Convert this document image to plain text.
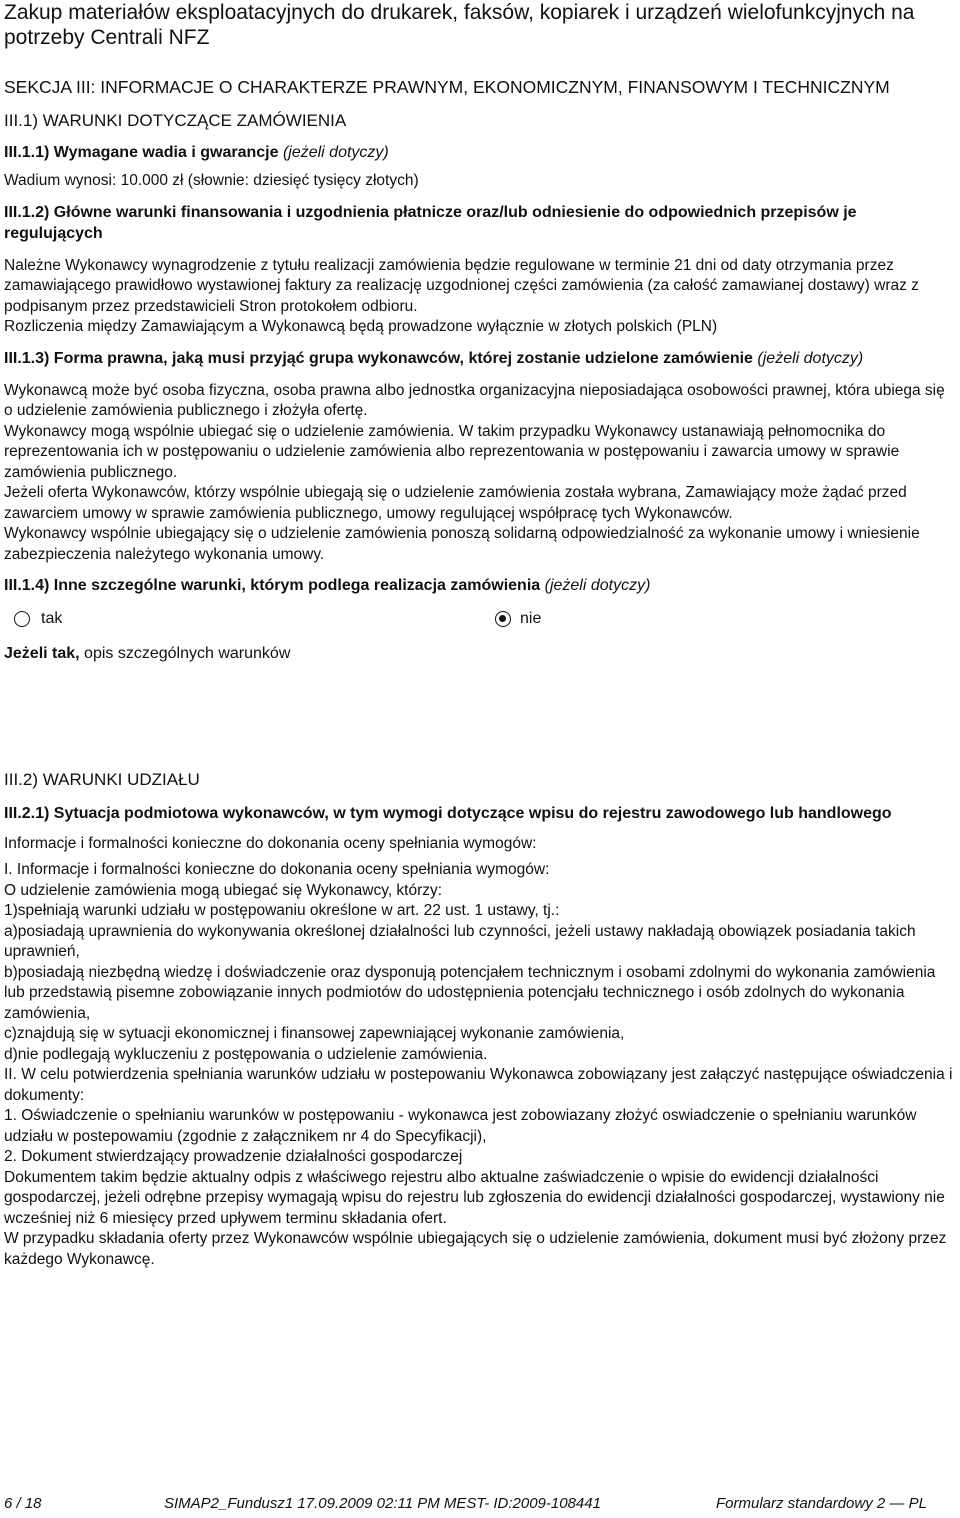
Zakup materiałów eksploatacyjnych do drukarek, faksów, kopiarek i urządzeń wielofunkcyjnych na potrzeby Centrali NFZ
SEKCJA III: INFORMACJE O CHARAKTERZE PRAWNYM, EKONOMICZNYM, FINANSOWYM I TECHNICZNYM
III.1) WARUNKI DOTYCZĄCE ZAMÓWIENIA
III.1.1) Wymagane wadia i gwarancje (jeżeli dotyczy)
Wadium wynosi: 10.000 zł (słownie: dziesięć tysięcy złotych)
III.1.2) Główne warunki finansowania i uzgodnienia płatnicze oraz/lub odniesienie do odpowiednich przepisów je regulujących
Należne Wykonawcy wynagrodzenie z tytułu realizacji zamówienia będzie regulowane w terminie 21 dni od daty otrzymania przez zamawiającego prawidłowo wystawionej faktury za realizację uzgodnionej części zamówienia (za całość zamawianej dostawy) wraz z podpisanym przez przedstawicieli Stron protokołem odbioru.
Rozliczenia między Zamawiającym a Wykonawcą będą prowadzone wyłącznie w złotych polskich (PLN)
III.1.3) Forma prawna, jaką musi przyjąć grupa wykonawców, której zostanie udzielone zamówienie (jeżeli dotyczy)
Wykonawcą może być osoba fizyczna, osoba prawna albo jednostka organizacyjna nieposiadająca osobowości prawnej, która ubiega się o udzielenie zamówienia publicznego i złożyła ofertę.
Wykonawcy mogą wspólnie ubiegać się o udzielenie zamówienia. W takim przypadku Wykonawcy ustanawiają pełnomocnika do reprezentowania ich w postępowaniu o udzielenie zamówienia albo reprezentowania w postępowaniu i zawarcia umowy w sprawie zamówienia publicznego.
Jeżeli oferta Wykonawców, którzy wspólnie ubiegają się o udzielenie zamówienia została wybrana, Zamawiający może żądać przed zawarciem umowy w sprawie zamówienia publicznego, umowy regulującej współpracę tych Wykonawców.
Wykonawcy wspólnie ubiegający się o udzielenie zamówienia ponoszą solidarną odpowiedzialność za wykonanie umowy i wniesienie zabezpieczenia należytego wykonania umowy.
III.1.4) Inne szczególne warunki, którym podlega realizacja zamówienia (jeżeli dotyczy)
tak	nie
Jeżeli tak, opis szczególnych warunków
III.2) WARUNKI UDZIAŁU
III.2.1) Sytuacja podmiotowa wykonawców, w tym wymogi dotyczące wpisu do rejestru zawodowego lub handlowego
Informacje i formalności konieczne do dokonania oceny spełniania wymogów:
I. Informacje i formalności konieczne do dokonania oceny spełniania wymogów:
O udzielenie zamówienia mogą ubiegać się Wykonawcy, którzy:
1)spełniają warunki udziału w postępowaniu określone w art. 22 ust. 1 ustawy, tj.:
a)posiadają uprawnienia do wykonywania określonej działalności lub czynności, jeżeli ustawy nakładają obowiązek posiadania takich uprawnień,
b)posiadają niezbędną wiedzę i doświadczenie oraz dysponują potencjałem technicznym i osobami zdolnymi do wykonania zamówienia lub przedstawią pisemne zobowiązanie innych podmiotów do udostępnienia potencjału technicznego i osób zdolnych do wykonania zamówienia,
c)znajdują się w sytuacji ekonomicznej i finansowej zapewniającej wykonanie zamówienia,
d)nie podlegają wykluczeniu z postępowania o udzielenie zamówienia.
II. W celu potwierdzenia spełniania warunków udziału w postepowaniu Wykonawca zobowiązany jest załączyć następujące oświadczenia i dokumenty:
1. Oświadczenie o spełnianiu warunków w postępowaniu - wykonawca jest zobowiazany złożyć oswiadczenie o spełnianiu warunków udziału w postepowamiu (zgodnie z załącznikem nr 4 do Specyfikacji),
2. Dokument stwierdzający prowadzenie działalności gospodarczej
Dokumentem takim będzie aktualny odpis z właściwego rejestru albo aktualne zaświadczenie o wpisie do ewidencji działalności gospodarczej, jeżeli odrębne przepisy wymagają wpisu do rejestru lub zgłoszenia do ewidencji działalności gospodarczej, wystawiony nie wcześniej niż 6 miesięcy przed upływem terminu składania ofert.
W przypadku składania oferty przez Wykonawców wspólnie ubiegających się o udzielenie zamówienia, dokument musi być złożony przez każdego Wykonawcę.
6 / 18	SIMAP2_Fundusz1 17.09.2009 02:11 PM MEST- ID:2009-108441	Formularz standardowy 2 — PL
